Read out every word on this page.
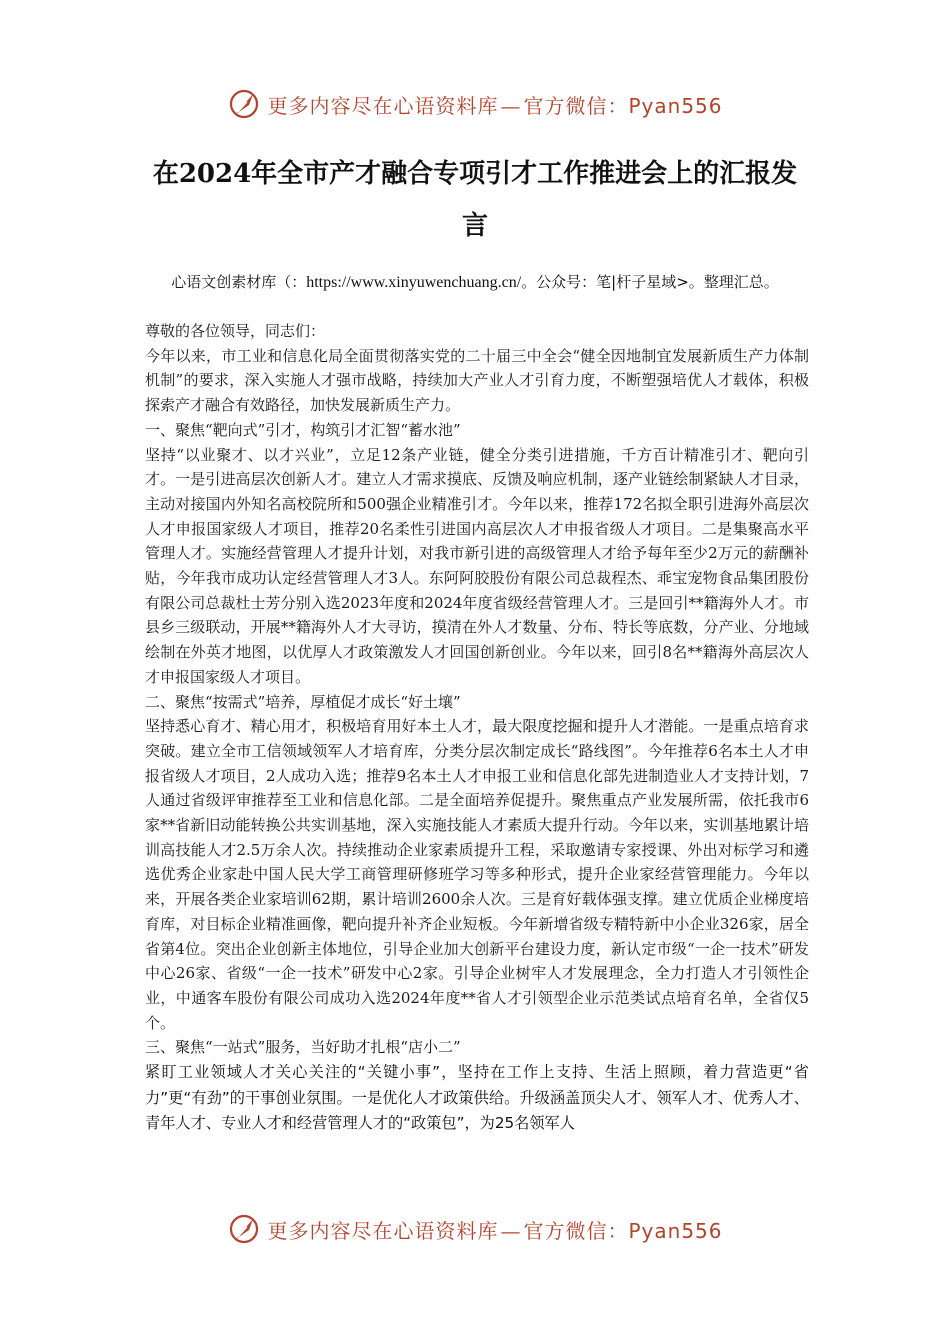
更多内容尽在心语资料库 — 官方微信：Pyan556
在2024年全市产才融合专项引才工作推进会上的汇报发言
心语文创素材库（：https://www.xinyuwenchuang.cn/。公众号：笔|杆子星域>。整理汇总。

尊敬的各位领导，同志们：

今年以来，市工业和信息化局全面贯彻落实党的二十届三中全会“健全因地制宜发展新质生产力体制机制”的要求，深入实施人才强市战略，持续加大产业人才引育力度，不断塑强培优人才载体，积极探索产才融合有效路径，加快发展新质生产力。

一、聚焦“靶向式”引才，构筑引才汇智“蓄水池”

坚持“以业聚才、以才兴业”，立足12条产业链，健全分类引进措施，千方百计精准引才、靶向引才。一是引进高层次创新人才。建立人才需求摸底、反馈及响应机制，逐产业链绘制紧缺人才目录，主动对接国内外知名高校院所和500强企业精准引才。今年以来，推荐172名拟全职引进海外高层次人才申报国家级人才项目，推荐20名柔性引进国内高层次人才申报省级人才项目。二是集聚高水平管理人才。实施经营管理人才提升计划，对我市新引进的高级管理人才给予每年至少2万元的薪酬补贴，今年我市成功认定经营管理人才3人。东阿阿胶股份有限公司总裁程杰、乖宝宠物食品集团股份有限公司总裁杜士芳分别入选2023年度和2024年度省级经营管理人才。三是回引**籍海外人才。市县乡三级联动，开展**籍海外人才大寻访，摸清在外人才数量、分布、特长等底数，分产业、分地域绘制在外英才地图，以优厚人才政策激发人才回国创新创业。今年以来，回引8名**籍海外高层次人才申报国家级人才项目。

二、聚焦“按需式”培养，厚植促才成长“好土壤”

坚持悉心育才、精心用才，积极培育用好本土人才，最大限度挖掘和提升人才潜能。一是重点培育求突破。建立全市工信领域领军人才培育库，分类分层次制定成长“路线图”。今年推荐6名本土人才申报省级人才项目，2人成功入选；推荐9名本土人才申报工业和信息化部先进制造业人才支持计划，7人通过省级评审推荐至工业和信息化部。二是全面培养促提升。聚焦重点产业发展所需，依托我市6家**省新旧动能转换公共实训基地，深入实施技能人才素质大提升行动。今年以来，实训基地累计培训高技能人才2.5万余人次。持续推动企业家素质提升工程，采取邀请专家授课、外出对标学习和遴选优秀企业家赴中国人民大学工商管理研修班学习等多种形式，提升企业家经营管理能力。今年以来，开展各类企业家培训62期，累计培训2600余人次。三是育好载体强支撑。建立优质企业梯度培育库，对目标企业精准画像，靶向提升补齐企业短板。今年新增省级专精特新中小企业326家，居全省第4位。突出企业创新主体地位，引导企业加大创新平台建设力度，新认定市级“一企一技术”研发中心26家、省级“一企一技术”研发中心2家。引导企业树牢人才发展理念，全力打造人才引领性企业，中通客车股份有限公司成功入选2024年度**省人才引领型企业示范类试点培育名单，全省仅5个。

三、聚焦“一站式”服务，当好助才扎根“店小二”

紧盯工业领域人才关心关注的“关键小事”，坚持在工作上支持、生活上照顾，着力营造更“省力”更“有劲”的干事创业氛围。一是优化人才政策供给。升级涵盖顶尖人才、领军人才、优秀人才、青年人才、专业人才和经营管理人才的“政策包”，为25名领军人

更多内容尽在心语资料库 — 官方微信：Pyan556
